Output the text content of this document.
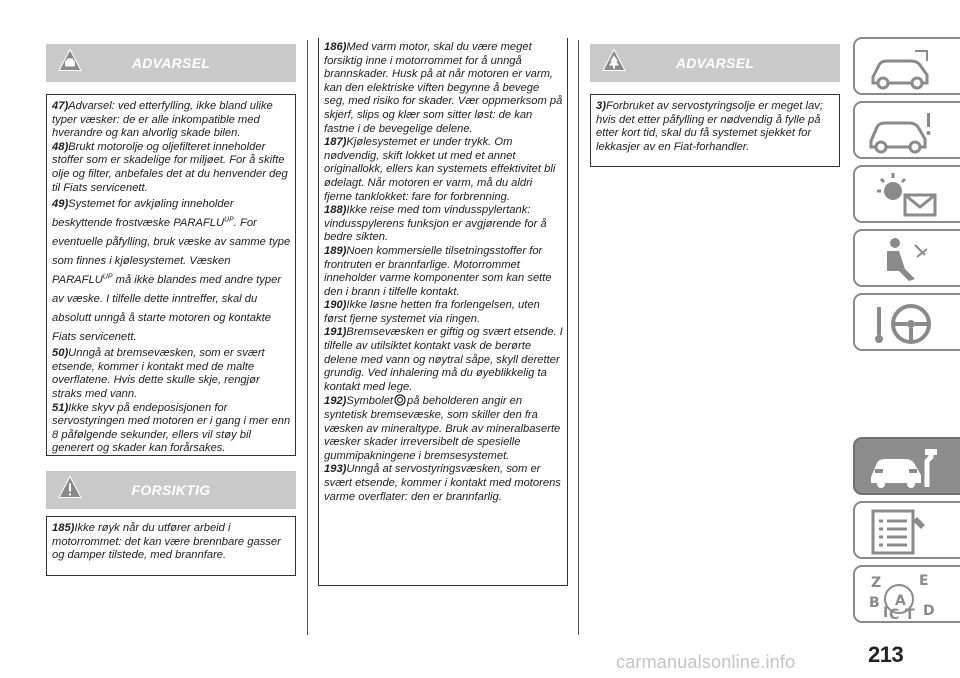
ADVARSEL

47)Advarsel: ved etterfylling, ikke bland ulike typer væsker: de er alle inkompatible med hverandre og kan alvorlig skade bilen.

48)Brukt motorolje og oljefilteret inneholder stoffer som er skadelige for miljøet. For å skifte olje og filter, anbefales det at du henvender deg til Fiats servicenett.

49)Systemet for avkjøling inneholder beskyttende frostvæske $PARAFLU^{UP}$. For eventuelle påfylling, bruk væske av samme type som finnes i kjølesystemet. Væsken $PARAFLU^{UP}$ må ikke blandes med andre typer av væske. I tilfelle dette inntreffer, skal du absolutt unngå å starte motoren og kontakte Fiats servicenett.

50)Unngå at bremsevæsken, som er svært etsende, kommer i kontakt med de malte overflatene. Hvis dette skulle skje, rengjør straks med vann.

51)Ikke skyv på endeposisjonen for servostyringen med motoren er i gang i mer enn 8 påfølgende sekunder, ellers vil støy bil generert og skader kan forårsakes.

FORSIKTIG

185)Ikke røyk når du utfører arbeid i motorrommet: det kan være brennbare gasser og damper tilstede, med brannfare.

186)Med varm motor, skal du være meget forsiktig inne i motorrommet for å unngå brannskader. Husk på at når motoren er varm, kan den elektriske viften begynne å bevege seg, med risiko for skader. Vær oppmerksom på skjerf, slips og klær som sitter løst: de kan fastne i de bevegelige delene.

187)Kjølesystemet er under trykk. Om nødvendig, skift lokket ut med et annet originallokk, ellers kan systemets effektivitet bli ødelagt. Når motoren er varm, må du aldri fjerne tanklokket: fare for forbrenning.

188)Ikke reise med tom vindusspylertank: vindusspylerens funksjon er avgjørende for å bedre sikten.

189)Noen kommersielle tilsetningsstoffer for frontruten er brannfarlige. Motorrommet inneholder varme komponenter som kan sette den i brann i tilfelle kontakt.

190)Ikke løsne hetten fra forlengelsen, uten først fjerne systemet via ringen.

191)Bremsevæsken er giftig og svært etsende. I tilfelle av utilsiktet kontakt vask de berørte delene med vann og nøytral såpe, skyll deretter grundig. Ved inhalering må du øyeblikkelig ta kontakt med lege.

192)Symbolet på beholderen angir en syntetisk bremsevæske, som skiller den fra væsken av mineraltype. Bruk av mineralbaserte væsker skader irreversibelt de spesielle gummipakningene i bremsesystemet.

193)Unngå at servostyringsvæsken, som er svært etsende, kommer i kontakt med motorens varme overflater: den er brannfarlig.

ADVARSEL

3)Forbruket av servostyringsolje er meget lav; hvis det etter påfylling er nødvendig å fylle på etter kort tid, skal du få systemet sjekket for lekkasjer av en Fiat-forhandler.

Z	E
B A
I C T D
213
carmanualsonline.info
